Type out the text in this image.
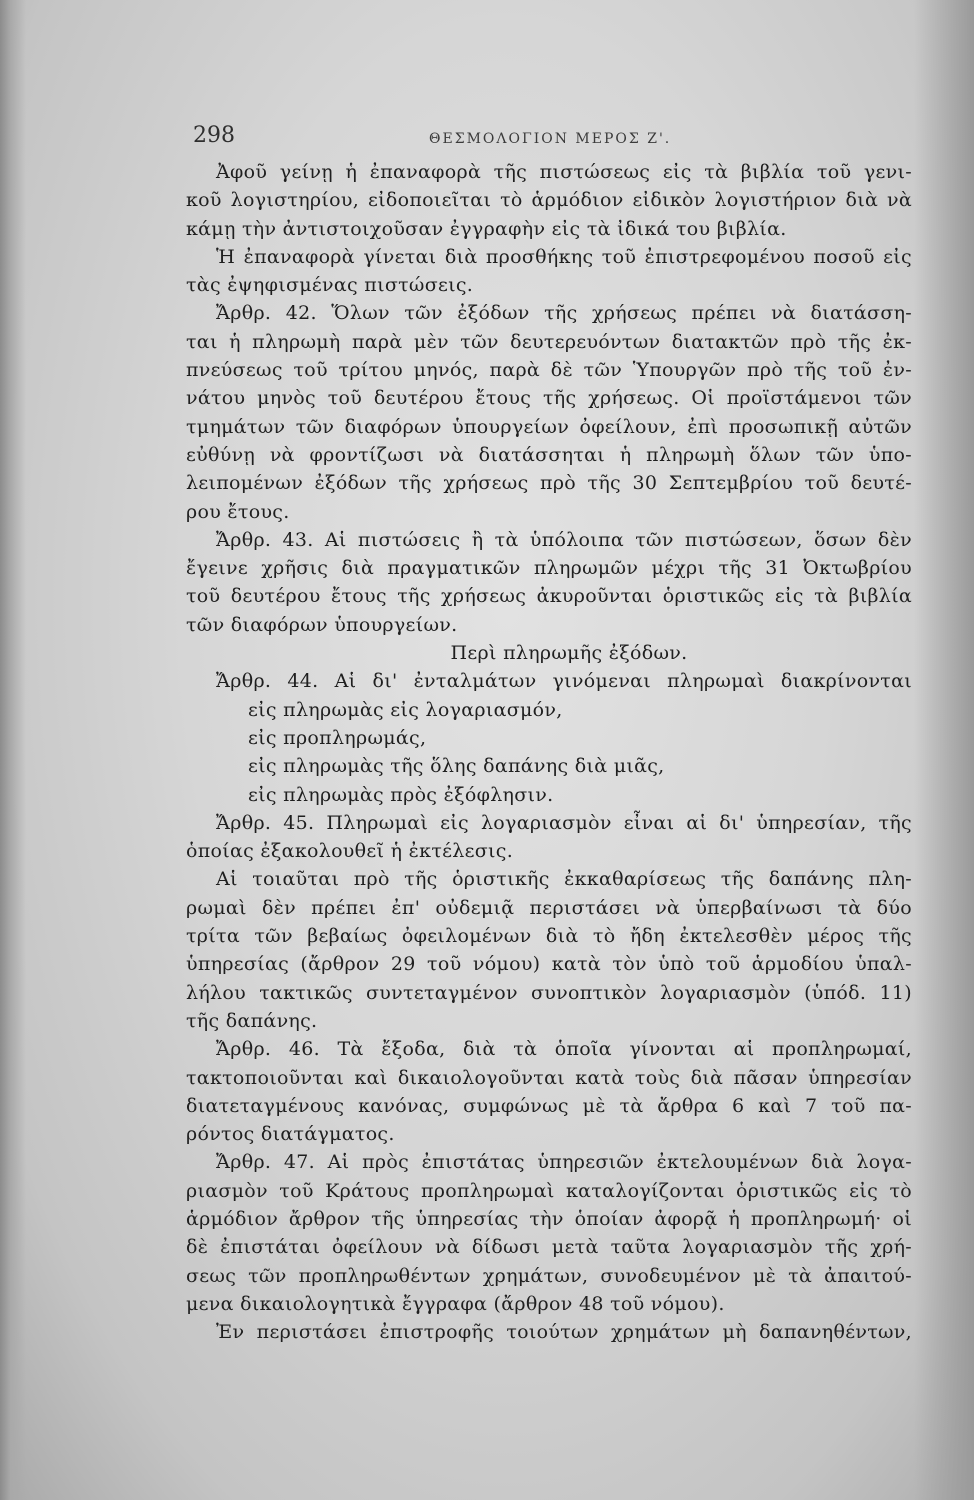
298	ΘΕΣΜΟΛΟΓΙΟΝ ΜΕΡΟΣ Ζ'.
Ἀφοῦ γείνῃ ἡ ἐπαναφορὰ τῆς πιστώσεως εἰς τὰ βιβλία τοῦ γενι-
κοῦ λογιστηρίου, εἰδοποιεῖται τὸ ἁρμόδιον εἰδικὸν λογιστήριον διὰ νὰ
κάμῃ τὴν ἀντιστοιχοῦσαν ἐγγραφὴν εἰς τὰ ἰδικά του βιβλία.
Ἡ ἐπαναφορὰ γίνεται διὰ προσθήκης τοῦ ἐπιστρεφομένου ποσοῦ εἰς
τὰς ἐψηφισμένας πιστώσεις.
Ἄρθρ. 42. Ὅλων τῶν ἐξόδων τῆς χρήσεως πρέπει νὰ διατάσση-
ται ἡ πληρωμὴ παρὰ μὲν τῶν δευτερευόντων διατακτῶν πρὸ τῆς ἐκ-
πνεύσεως τοῦ τρίτου μηνός, παρὰ δὲ τῶν Ὑπουργῶν πρὸ τῆς τοῦ ἐν-
νάτου μηνὸς τοῦ δευτέρου ἔτους τῆς χρήσεως. Οἱ προϊστάμενοι τῶν
τμημάτων τῶν διαφόρων ὑπουργείων ὀφείλουν, ἐπὶ προσωπικῇ αὐτῶν
εὐθύνῃ νὰ φροντίζωσι νὰ διατάσσηται ἡ πληρωμὴ ὅλων τῶν ὑπο-
λειπομένων ἐξόδων τῆς χρήσεως πρὸ τῆς 30 Σεπτεμβρίου τοῦ δευτέ-
ρου ἔτους.
Ἄρθρ. 43. Αἱ πιστώσεις ἢ τὰ ὑπόλοιπα τῶν πιστώσεων, ὅσων δὲν
ἔγεινε χρῆσις διὰ πραγματικῶν πληρωμῶν μέχρι τῆς 31 Ὀκτωβρίου
τοῦ δευτέρου ἔτους τῆς χρήσεως ἀκυροῦνται ὁριστικῶς εἰς τὰ βιβλία
τῶν διαφόρων ὑπουργείων.
Περὶ πληρωμῆς ἐξόδων.
Ἄρθρ. 44. Αἱ δι' ἐνταλμάτων γινόμεναι πληρωμαὶ διακρίνονται
εἰς πληρωμὰς εἰς λογαριασμόν,
εἰς προπληρωμάς,
εἰς πληρωμὰς τῆς ὅλης δαπάνης διὰ μιᾶς,
εἰς πληρωμὰς πρὸς ἐξόφλησιν.
Ἄρθρ. 45. Πληρωμαὶ εἰς λογαριασμὸν εἶναι αἱ δι' ὑπηρεσίαν, τῆς
ὁποίας ἐξακολουθεῖ ἡ ἐκτέλεσις.
Αἱ τοιαῦται πρὸ τῆς ὁριστικῆς ἐκκαθαρίσεως τῆς δαπάνης πλη-
ρωμαὶ δὲν πρέπει ἐπ' οὐδεμιᾷ περιστάσει νὰ ὑπερβαίνωσι τὰ δύο
τρίτα τῶν βεβαίως ὀφειλομένων διὰ τὸ ἤδη ἐκτελεσθὲν μέρος τῆς
ὑπηρεσίας (ἄρθρον 29 τοῦ νόμου) κατὰ τὸν ὑπὸ τοῦ ἁρμοδίου ὑπαλ-
λήλου τακτικῶς συντεταγμένον συνοπτικὸν λογαριασμὸν (ὑπόδ. 11)
τῆς δαπάνης.
Ἄρθρ. 46. Τὰ ἔξοδα, διὰ τὰ ὁποῖα γίνονται αἱ προπληρωμαί,
τακτοποιοῦνται καὶ δικαιολογοῦνται κατὰ τοὺς διὰ πᾶσαν ὑπηρεσίαν
διατεταγμένους κανόνας, συμφώνως μὲ τὰ ἄρθρα 6 καὶ 7 τοῦ πα-
ρόντος διατάγματος.
Ἄρθρ. 47. Αἱ πρὸς ἐπιστάτας ὑπηρεσιῶν ἐκτελουμένων διὰ λογα-
ριασμὸν τοῦ Κράτους προπληρωμαὶ καταλογίζονται ὁριστικῶς εἰς τὸ
ἁρμόδιον ἄρθρον τῆς ὑπηρεσίας τὴν ὁποίαν ἀφορᾷ ἡ προπληρωμή· οἱ
δὲ ἐπιστάται ὀφείλουν νὰ δίδωσι μετὰ ταῦτα λογαριασμὸν τῆς χρή-
σεως τῶν προπληρωθέντων χρημάτων, συνοδευμένον μὲ τὰ ἀπαιτού-
μενα δικαιολογητικὰ ἔγγραφα (ἄρθρον 48 τοῦ νόμου).
Ἐν περιστάσει ἐπιστροφῆς τοιούτων χρημάτων μὴ δαπανηθέντων,
